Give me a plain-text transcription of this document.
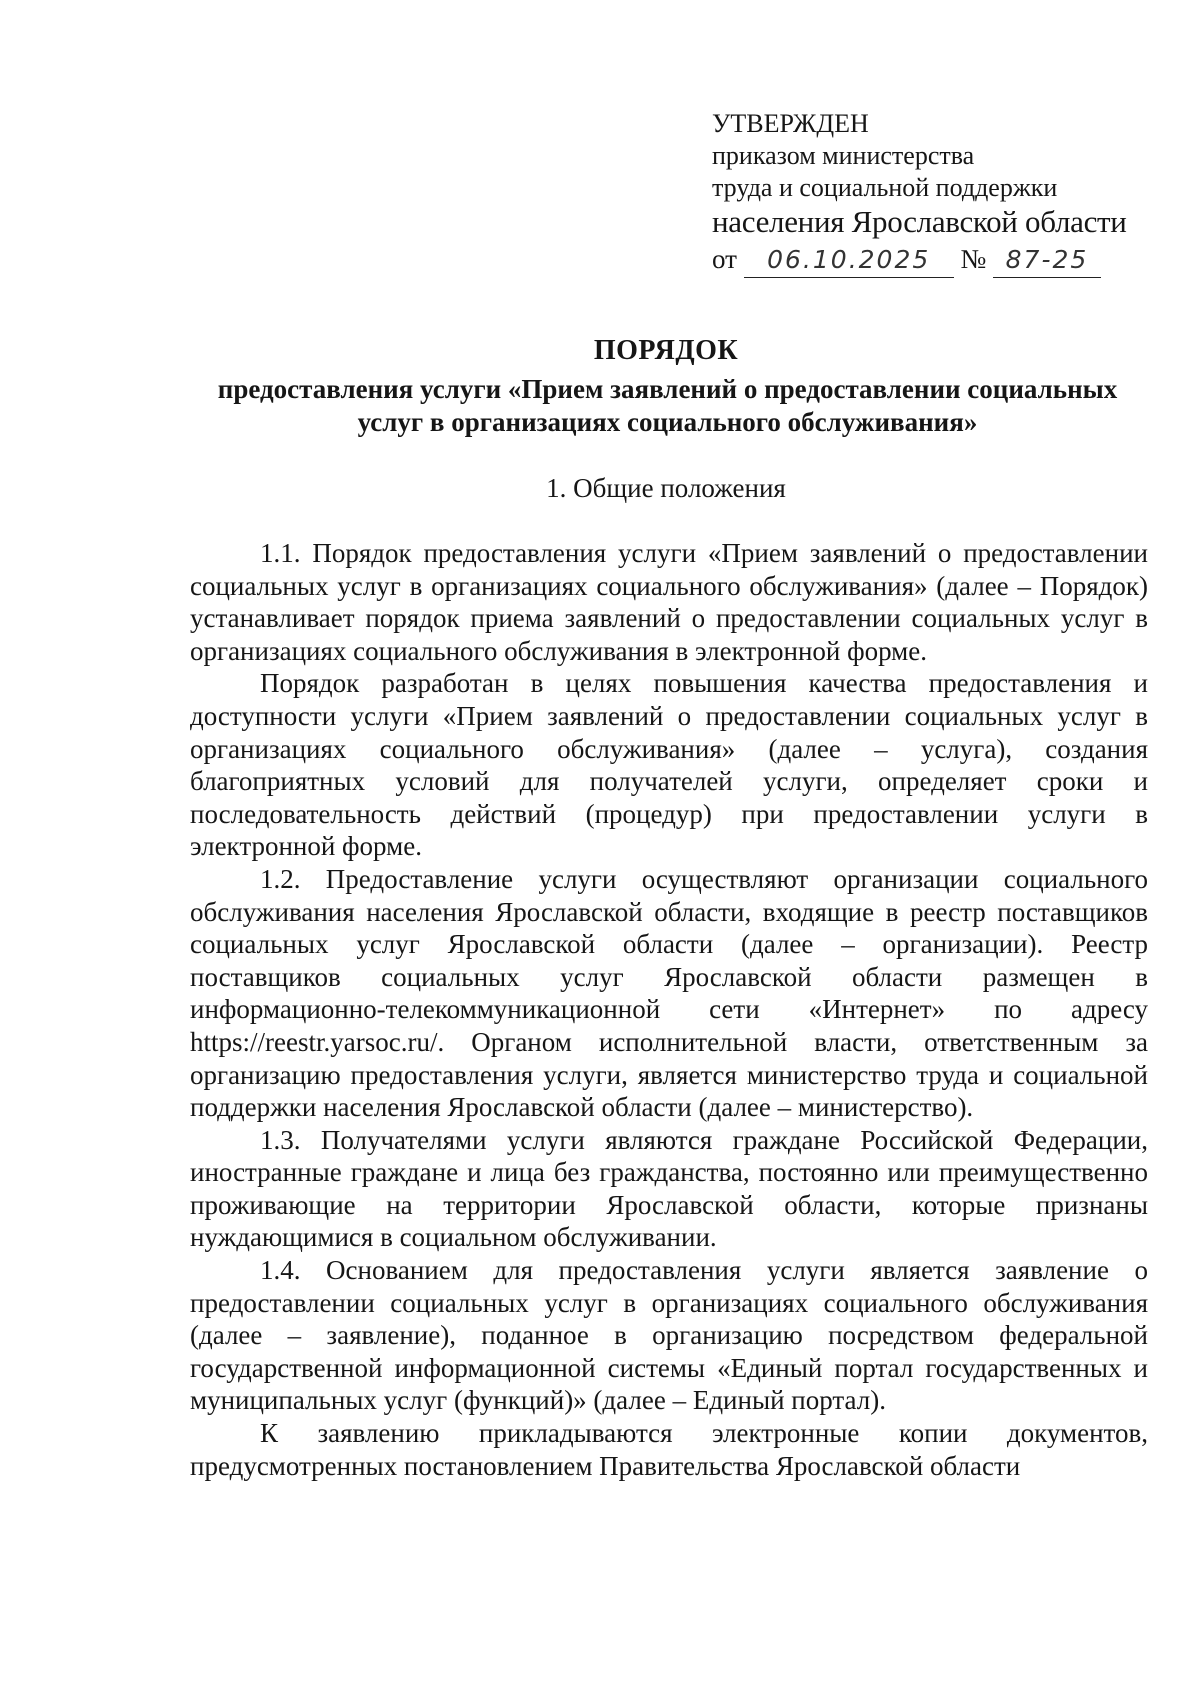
УТВЕРЖДЕН
приказом министерства
труда и социальной поддержки
населения Ярославской области
от 06.10.2025 № 87-25
ПОРЯДОК
предоставления услуги «Прием заявлений о предоставлении социальных услуг в организациях социального обслуживания»
1. Общие положения

1.1. Порядок предоставления услуги «Прием заявлений о предоставлении социальных услуг в организациях социального обслуживания» (далее – Порядок) устанавливает порядок приема заявлений о предоставлении социальных услуг в организациях социального обслуживания в электронной форме.

Порядок разработан в целях повышения качества предоставления и доступности услуги «Прием заявлений о предоставлении социальных услуг в организациях социального обслуживания» (далее – услуга), создания благоприятных условий для получателей услуги, определяет сроки и последовательность действий (процедур) при предоставлении услуги в электронной форме.

1.2. Предоставление услуги осуществляют организации социального обслуживания населения Ярославской области, входящие в реестр поставщиков социальных услуг Ярославской области (далее – организации). Реестр поставщиков социальных услуг Ярославской области размещен в информационно-телекоммуникационной сети «Интернет» по адресу https://reestr.yarsoc.ru/. Органом исполнительной власти, ответственным за организацию предоставления услуги, является министерство труда и социальной поддержки населения Ярославской области (далее – министерство).

1.3. Получателями услуги являются граждане Российской Федерации, иностранные граждане и лица без гражданства, постоянно или преимущественно проживающие на территории Ярославской области, которые признаны нуждающимися в социальном обслуживании.

1.4. Основанием для предоставления услуги является заявление о предоставлении социальных услуг в организациях социального обслуживания (далее – заявление), поданное в организацию посредством федеральной государственной информационной системы «Единый портал государственных и муниципальных услуг (функций)» (далее – Единый портал).

К заявлению прикладываются электронные копии документов, предусмотренных постановлением Правительства Ярославской области
